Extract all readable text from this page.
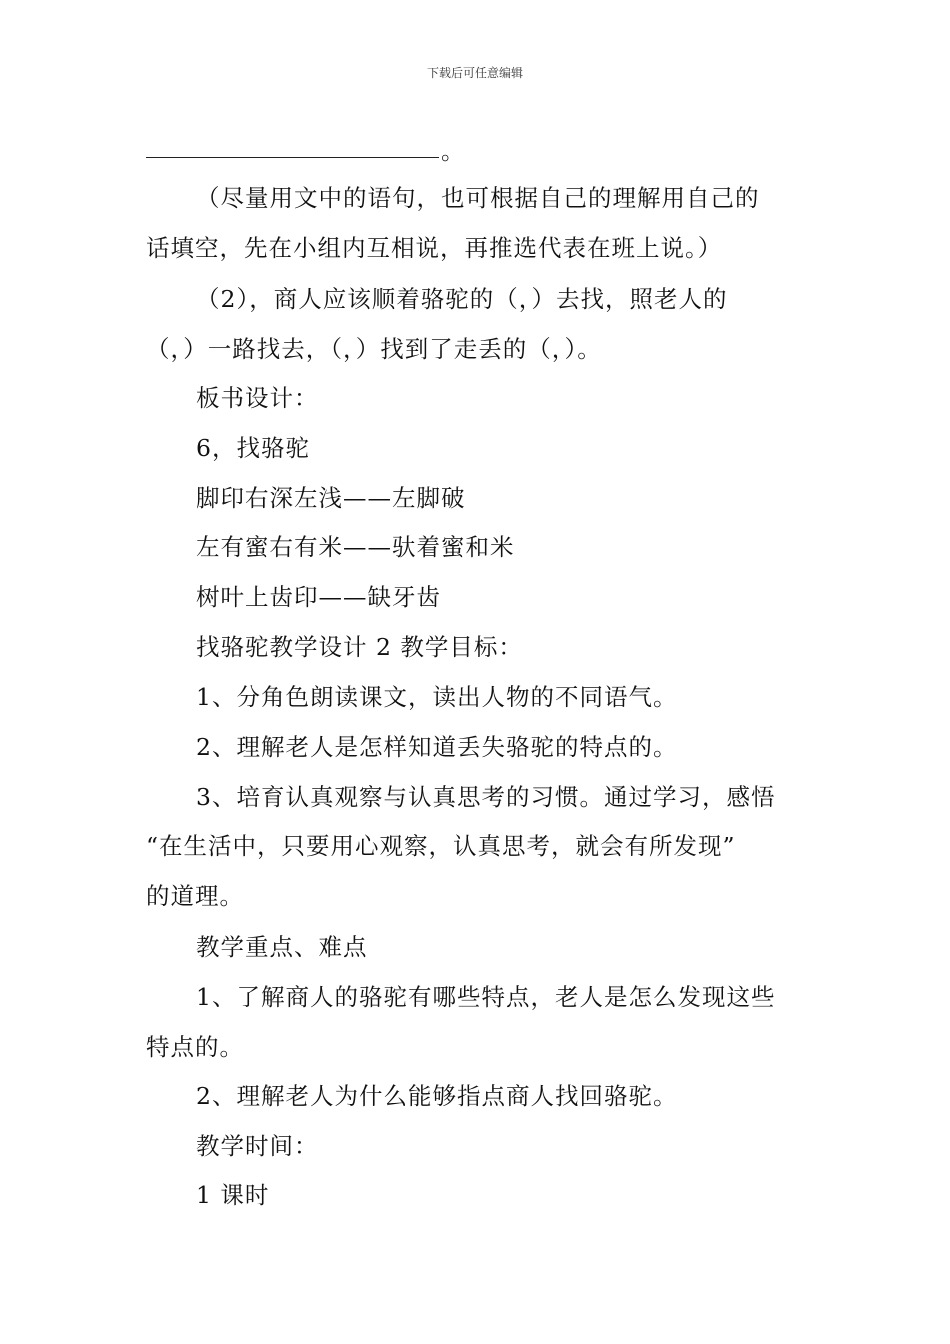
下载后可任意编辑
。
（尽量用文中的语句，也可根据自己的理解用自己的
话填空，先在小组内互相说，再推选代表在班上说。）
（2），商人应该顺着骆驼的（，）去找，照老人的
（，）一路找去，（，）找到了走丢的（，）。
板书设计：
6，找骆驼
脚印右深左浅——左脚破
左有蜜右有米——驮着蜜和米
树叶上齿印——缺牙齿
找骆驼教学设计 2 教学目标：
1、分角色朗读课文，读出人物的不同语气。
2、理解老人是怎样知道丢失骆驼的特点的。
3、培育认真观察与认真思考的习惯。通过学习，感悟
“在生活中，只要用心观察，认真思考，就会有所发现”
的道理。
教学重点、难点
1、了解商人的骆驼有哪些特点，老人是怎么发现这些
特点的。
2、理解老人为什么能够指点商人找回骆驼。
教学时间：
1 课时
